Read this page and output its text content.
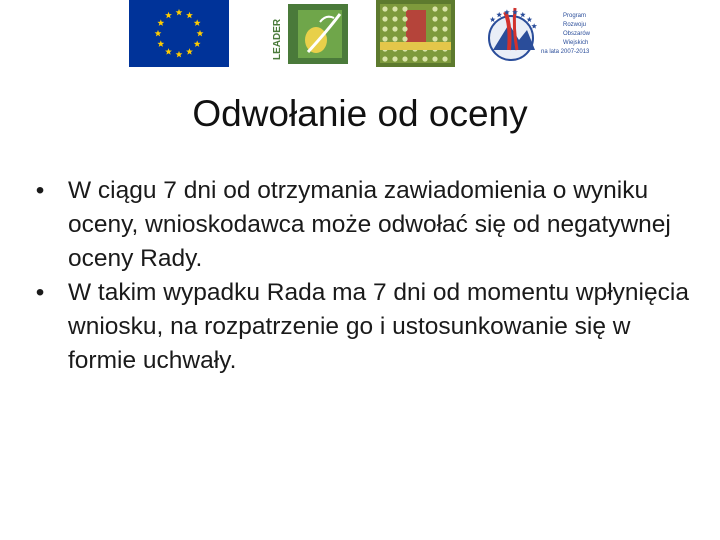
LEADER
Program
Rozwoju
Obszarów
Wiejskich
na lata 2007-2013
Odwołanie od oceny
• W ciągu 7 dni od otrzymania zawiadomienia o wyniku oceny, wnioskodawca może odwołać się od negatywnej oceny Rady.
• W takim wypadku Rada ma 7 dni od momentu wpłynięcia wniosku, na rozpatrzenie go i ustosunkowanie się w formie uchwały.
